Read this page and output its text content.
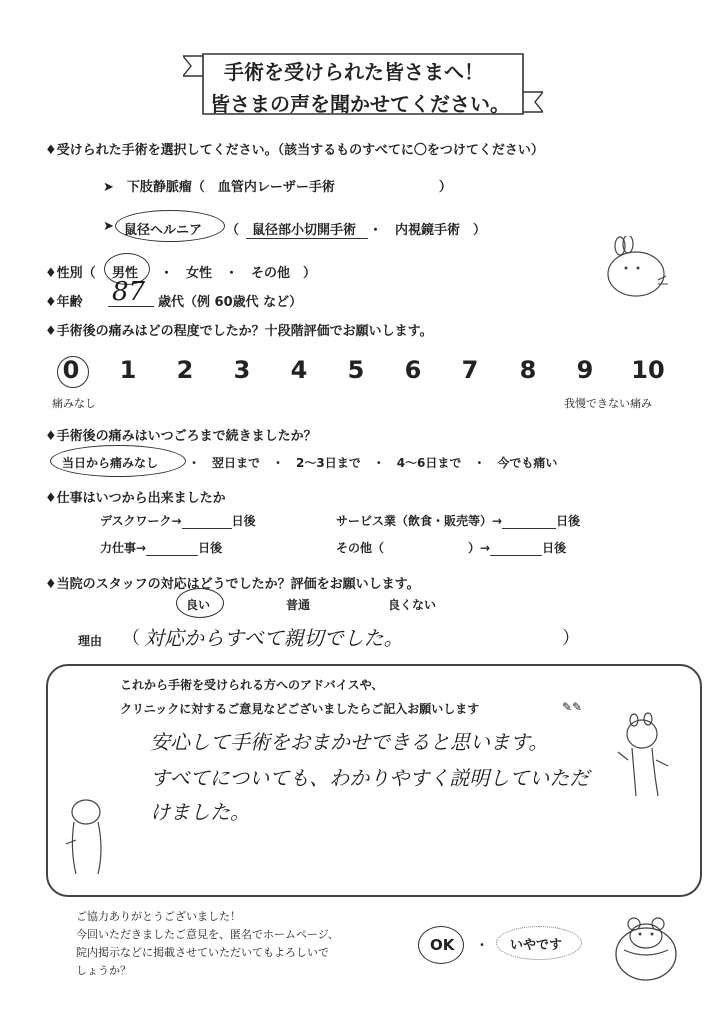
手術を受けられた皆さまへ！
皆さまの声を聞かせてください。
♦受けられた手術を選択してください。（該当するものすべてに〇をつけてください）
➤　下肢静脈瘤（　血管内レーザー手術　　　　　　　　）
➤ 鼠径ヘルニア （　鼠径部小切開手術　・　内視鏡手術　）
♦性別（ 男性 ・　女性　・　その他　）
♦年齢 87 歳代（例 60歳代 など）
♦手術後の痛みはどの程度でしたか？十段階評価でお願いします。
0	1	2	3	4	5	6	7	8	9	10
痛みなし	我慢できない痛み
♦手術後の痛みはいつごろまで続きましたか？
当日から痛みなし ・　翌日まで　・　2～3日まで　・　4～6日まで　・　今でも痛い
♦仕事はいつから出来ましたか
デスクワーク→	日後	サービス業（飲食・販売等）→	日後
力仕事→	日後	その他（　　　　　　　）→	日後
♦当院のスタッフの対応はどうでしたか？評価をお願いします。
良い	普通	良くない
理由 （ 対応からすべて親切でした。	）
これから手術を受けられる方へのアドバイスや、
クリニックに対するご意見などございましたらご記入お願いします	✎✎
安心して手術をおまかせできると思います。
すべてについても、わかりやすく説明していただ
けました。
ご協力ありがとうございました！
今回いただきましたご意見を、匿名でホームページ、
院内掲示などに掲載させていただいてもよろしいで
しょうか？
OK ・ いやです
